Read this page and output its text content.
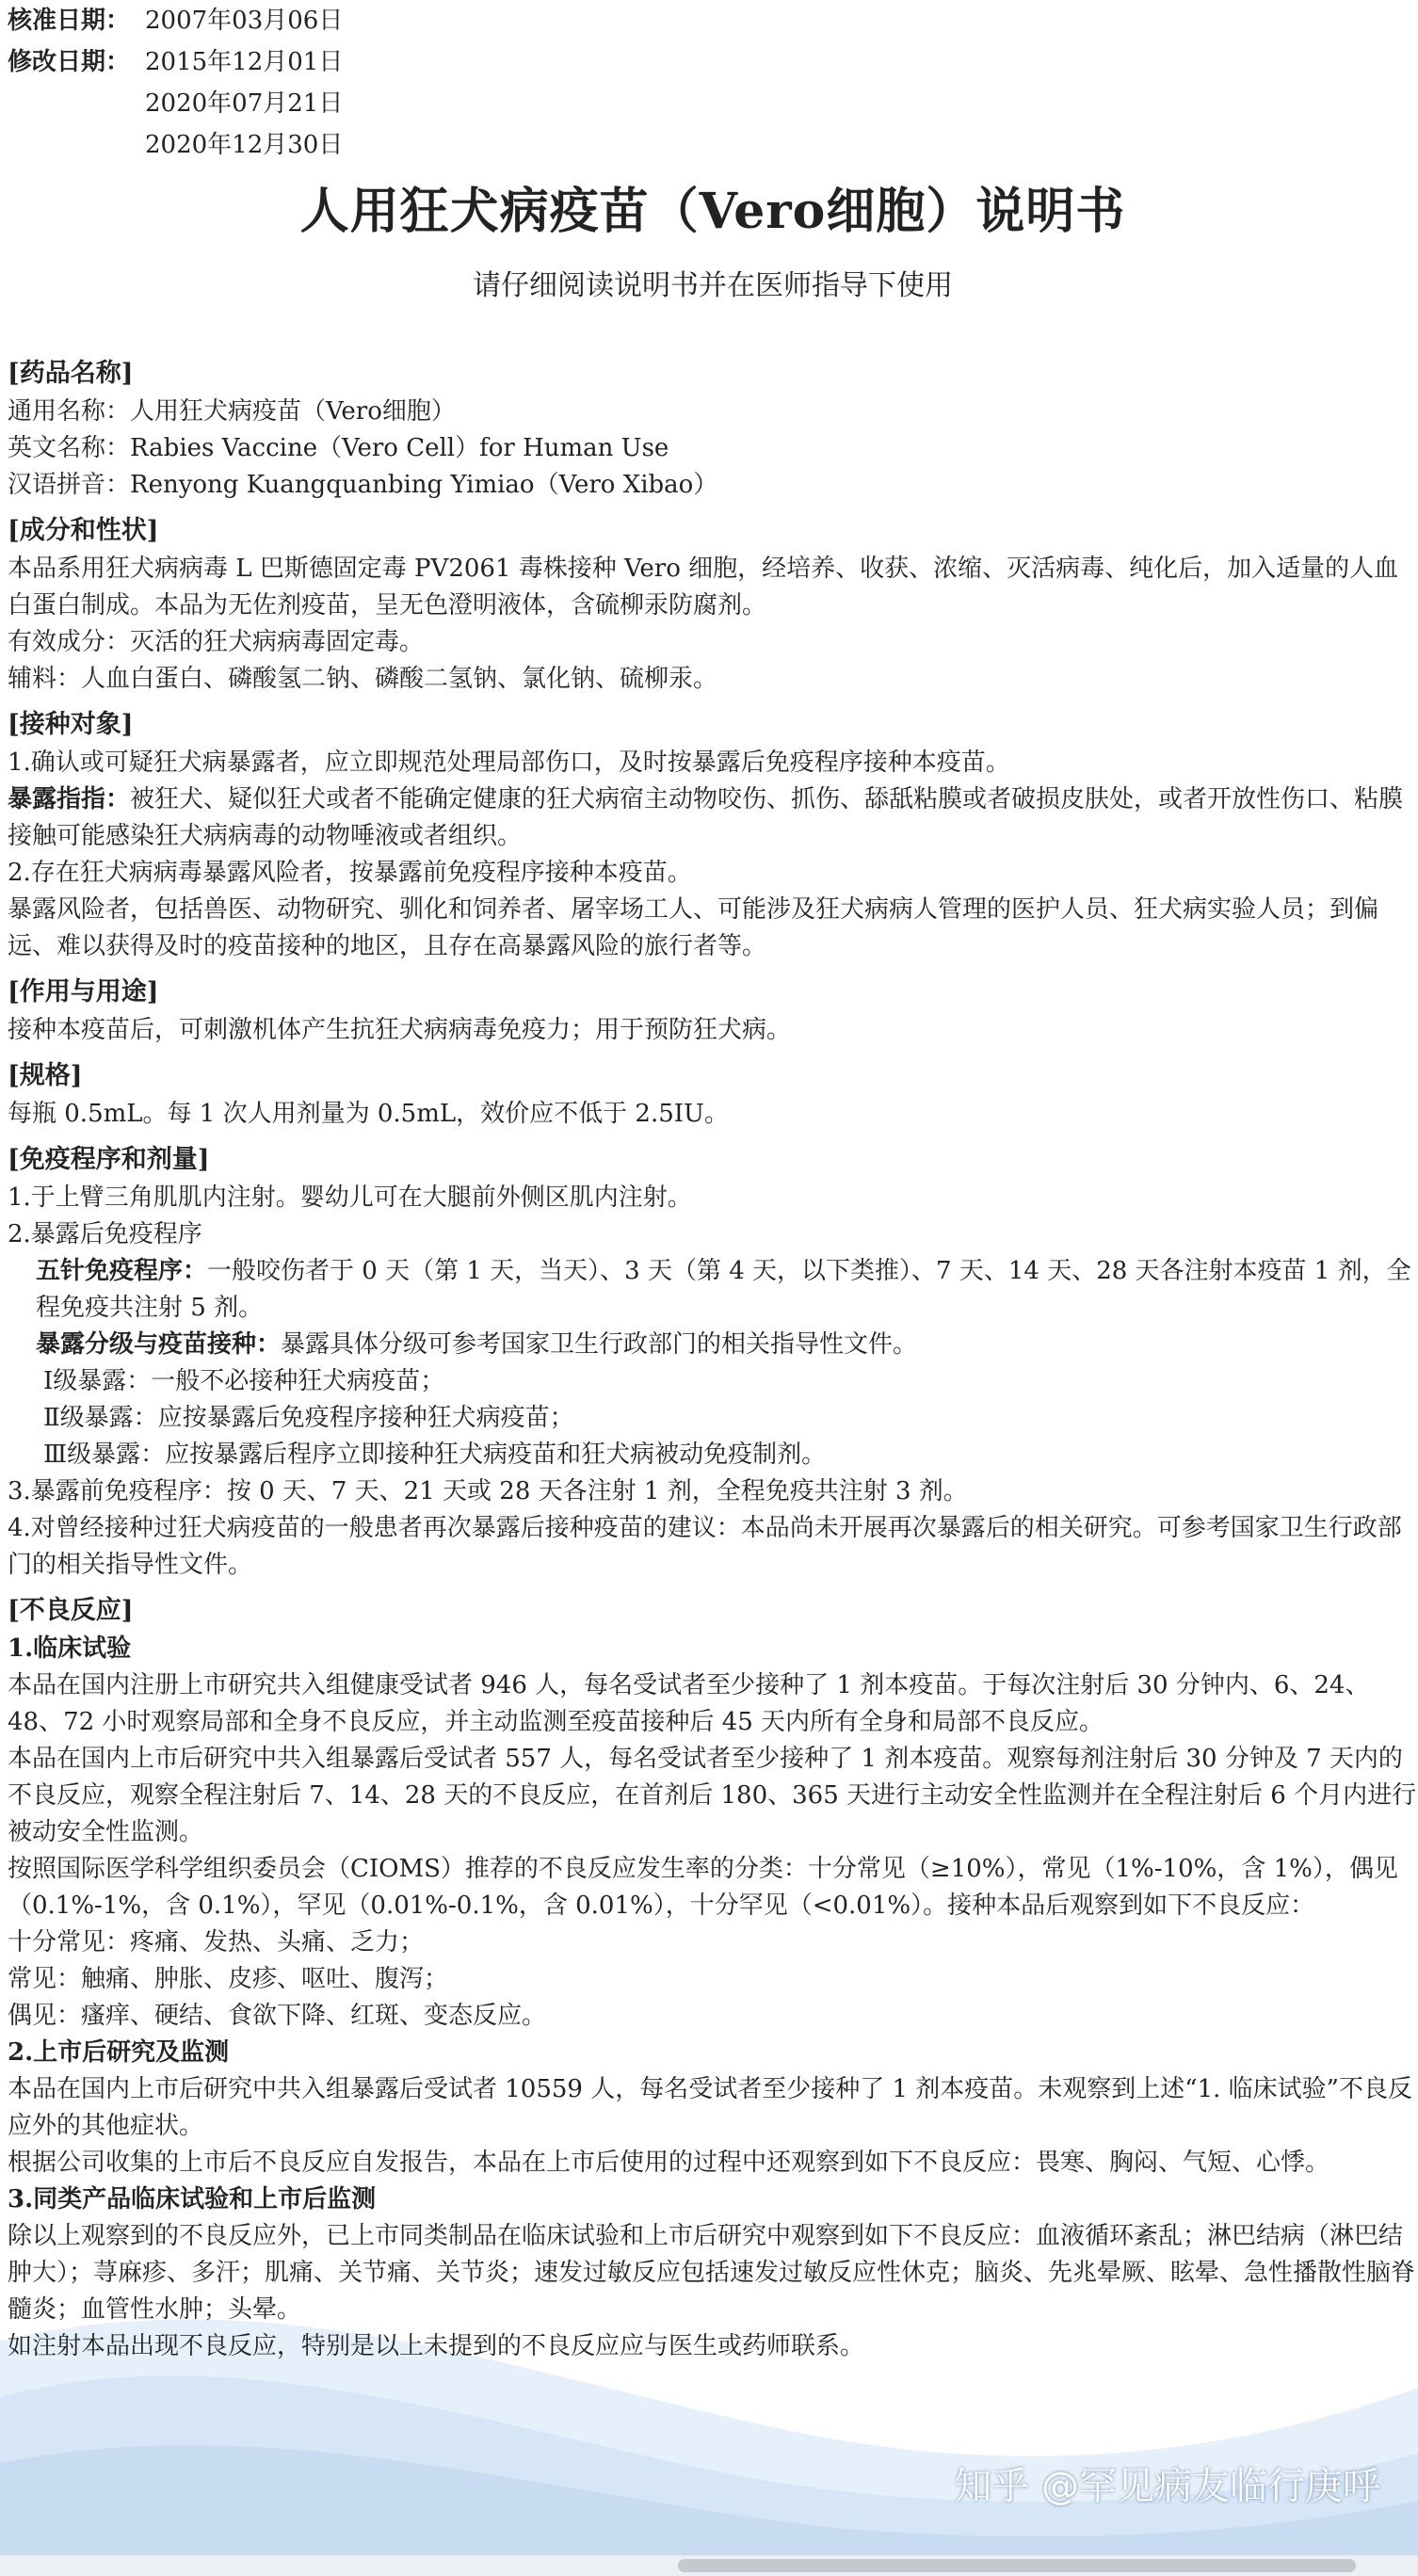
核准日期： 2007年03月06日
修改日期： 2015年12月01日
2020年07月21日
2020年12月30日
人用狂犬病疫苗（Vero细胞）说明书
请仔细阅读说明书并在医师指导下使用
[药品名称]

通用名称：人用狂犬病疫苗（Vero细胞）

英文名称：Rabies Vaccine（Vero Cell）for Human Use

汉语拼音：Renyong Kuangquanbing Yimiao（Vero Xibao）

[成分和性状]

本品系用狂犬病病毒 L 巴斯德固定毒 PV2061 毒株接种 Vero 细胞，经培养、收获、浓缩、灭活病毒、纯化后，加入适量的人血白蛋白制成。本品为无佐剂疫苗，呈无色澄明液体，含硫柳汞防腐剂。

有效成分：灭活的狂犬病病毒固定毒。

辅料：人血白蛋白、磷酸氢二钠、磷酸二氢钠、氯化钠、硫柳汞。

[接种对象]

1.确认或可疑狂犬病暴露者，应立即规范处理局部伤口，及时按暴露后免疫程序接种本疫苗。

暴露指指：被狂犬、疑似狂犬或者不能确定健康的狂犬病宿主动物咬伤、抓伤、舔舐粘膜或者破损皮肤处，或者开放性伤口、粘膜接触可能感染狂犬病病毒的动物唾液或者组织。

2.存在狂犬病病毒暴露风险者，按暴露前免疫程序接种本疫苗。

暴露风险者，包括兽医、动物研究、驯化和饲养者、屠宰场工人、可能涉及狂犬病病人管理的医护人员、狂犬病实验人员；到偏远、难以获得及时的疫苗接种的地区，且存在高暴露风险的旅行者等。

[作用与用途]

接种本疫苗后，可刺激机体产生抗狂犬病病毒免疫力；用于预防狂犬病。

[规格]

每瓶 0.5mL。每 1 次人用剂量为 0.5mL，效价应不低于 2.5IU。

[免疫程序和剂量]

1.于上臂三角肌肌内注射。婴幼儿可在大腿前外侧区肌内注射。

2.暴露后免疫程序

五针免疫程序：一般咬伤者于 0 天（第 1 天，当天）、3 天（第 4 天，以下类推）、7 天、14 天、28 天各注射本疫苗 1 剂，全程免疫共注射 5 剂。

暴露分级与疫苗接种：暴露具体分级可参考国家卫生行政部门的相关指导性文件。

Ⅰ级暴露：一般不必接种狂犬病疫苗；

Ⅱ级暴露：应按暴露后免疫程序接种狂犬病疫苗；

Ⅲ级暴露：应按暴露后程序立即接种狂犬病疫苗和狂犬病被动免疫制剂。

3.暴露前免疫程序：按 0 天、7 天、21 天或 28 天各注射 1 剂，全程免疫共注射 3 剂。

4.对曾经接种过狂犬病疫苗的一般患者再次暴露后接种疫苗的建议：本品尚未开展再次暴露后的相关研究。可参考国家卫生行政部门的相关指导性文件。

[不良反应]

1.临床试验

本品在国内注册上市研究共入组健康受试者 946 人，每名受试者至少接种了 1 剂本疫苗。于每次注射后 30 分钟内、6、24、48、72 小时观察局部和全身不良反应，并主动监测至疫苗接种后 45 天内所有全身和局部不良反应。

本品在国内上市后研究中共入组暴露后受试者 557 人，每名受试者至少接种了 1 剂本疫苗。观察每剂注射后 30 分钟及 7 天内的不良反应，观察全程注射后 7、14、28 天的不良反应，在首剂后 180、365 天进行主动安全性监测并在全程注射后 6 个月内进行被动安全性监测。

按照国际医学科学组织委员会（CIOMS）推荐的不良反应发生率的分类：十分常见（≥10%），常见（1%-10%，含 1%），偶见（0.1%-1%，含 0.1%），罕见（0.01%-0.1%，含 0.01%），十分罕见（<0.01%）。接种本品后观察到如下不良反应：

十分常见：疼痛、发热、头痛、乏力；

常见：触痛、肿胀、皮疹、呕吐、腹泻；

偶见：瘙痒、硬结、食欲下降、红斑、变态反应。

2.上市后研究及监测

本品在国内上市后研究中共入组暴露后受试者 10559 人，每名受试者至少接种了 1 剂本疫苗。未观察到上述“1. 临床试验”不良反应外的其他症状。

根据公司收集的上市后不良反应自发报告，本品在上市后使用的过程中还观察到如下不良反应：畏寒、胸闷、气短、心悸。

3.同类产品临床试验和上市后监测

除以上观察到的不良反应外，已上市同类制品在临床试验和上市后研究中观察到如下不良反应：血液循环紊乱；淋巴结病（淋巴结肿大）；荨麻疹、多汗；肌痛、关节痛、关节炎；速发过敏反应包括速发过敏反应性休克；脑炎、先兆晕厥、眩晕、急性播散性脑脊髓炎；血管性水肿；头晕。

如注射本品出现不良反应，特别是以上未提到的不良反应应与医生或药师联系。

知乎 @罕见病友临行庚呼
